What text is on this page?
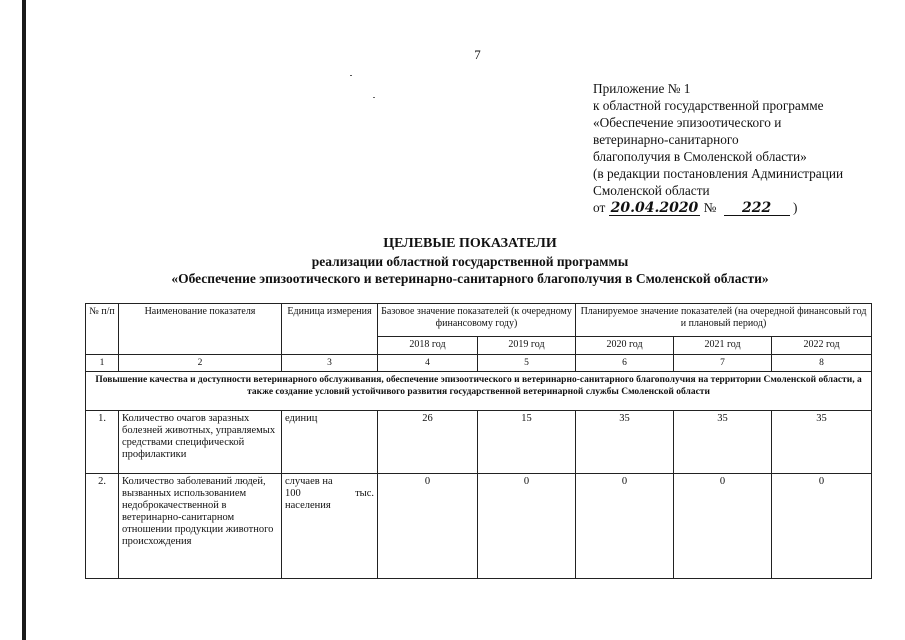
7
Приложение № 1
к областной государственной программе
«Обеспечение эпизоотического и
ветеринарно-санитарного
благополучия в Смоленской области»
(в редакции постановления Администрации
Смоленской области
от 20.04.2020 № 222 )
ЦЕЛЕВЫЕ ПОКАЗАТЕЛИ
реализации областной государственной программы
«Обеспечение эпизоотического и ветеринарно-санитарного благополучия в Смоленской области»
№ п/п	Наименование показателя	Единица измерения	Базовое значение показателей (к очередному финансовому году)		Планируемое значение показателей (на очередной финансовый год и плановый период)		
			2018 год	2019 год	2020 год	2021 год	2022 год
1	2	3	4	5	6	7	8
Повышение качества и доступности ветеринарного обслуживания, обеспечение эпизоотического и ветеринарно-санитарного благополучия на территории Смоленской области, а также создание условий устойчивого развития государственной ветеринарной службы Смоленской области							
1.	Количество очагов заразных болезней животных, управляемых средствами специфической профилактики	единиц	26	15	35	35	35
2.	Количество заболеваний людей, вызванных использованием недоброкачественной в ветеринарно-санитарном отношении продукции животного происхождения	случаев на
100 тыс.
населения	0	0	0	0	0
